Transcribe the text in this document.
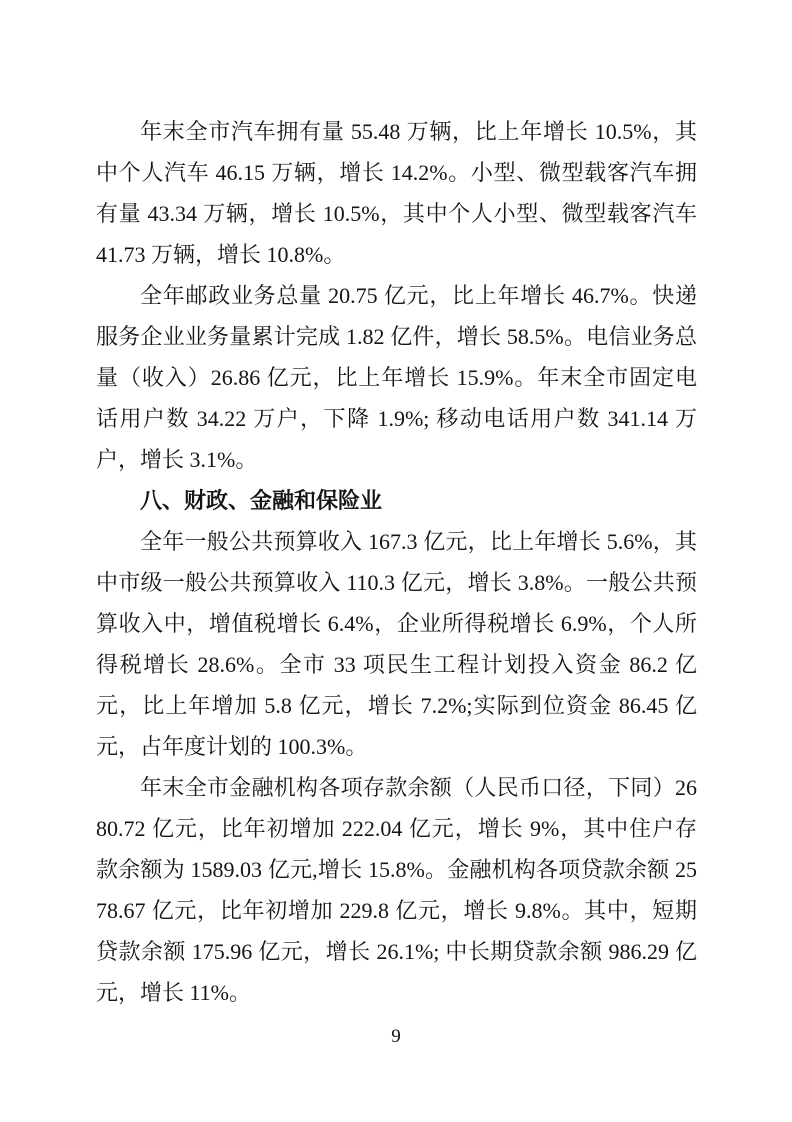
年末全市汽车拥有量 55.48 万辆，比上年增长 10.5%，其中个人汽车 46.15 万辆，增长 14.2%。小型、微型载客汽车拥有量 43.34 万辆，增长 10.5%，其中个人小型、微型载客汽车 41.73 万辆，增长 10.8%。

全年邮政业务总量 20.75 亿元，比上年增长 46.7%。快递服务企业业务量累计完成 1.82 亿件，增长 58.5%。电信业务总量（收入）26.86 亿元，比上年增长 15.9%。年末全市固定电话用户数 34.22 万户，下降 1.9%; 移动电话用户数 341.14 万户，增长 3.1%。

八、财政、金融和保险业

全年一般公共预算收入 167.3 亿元，比上年增长 5.6%，其中市级一般公共预算收入 110.3 亿元，增长 3.8%。一般公共预算收入中，增值税增长 6.4%，企业所得税增长 6.9%，个人所得税增长 28.6%。全市 33 项民生工程计划投入资金 86.2 亿元，比上年增加 5.8 亿元，增长 7.2%;实际到位资金 86.45 亿元，占年度计划的 100.3%。

年末全市金融机构各项存款余额（人民币口径，下同）2680.72 亿元，比年初增加 222.04 亿元，增长 9%，其中住户存款余额为 1589.03 亿元,增长 15.8%。金融机构各项贷款余额 2578.67 亿元，比年初增加 229.8 亿元，增长 9.8%。其中，短期贷款余额 175.96 亿元，增长 26.1%; 中长期贷款余额 986.29 亿元，增长 11%。

9
